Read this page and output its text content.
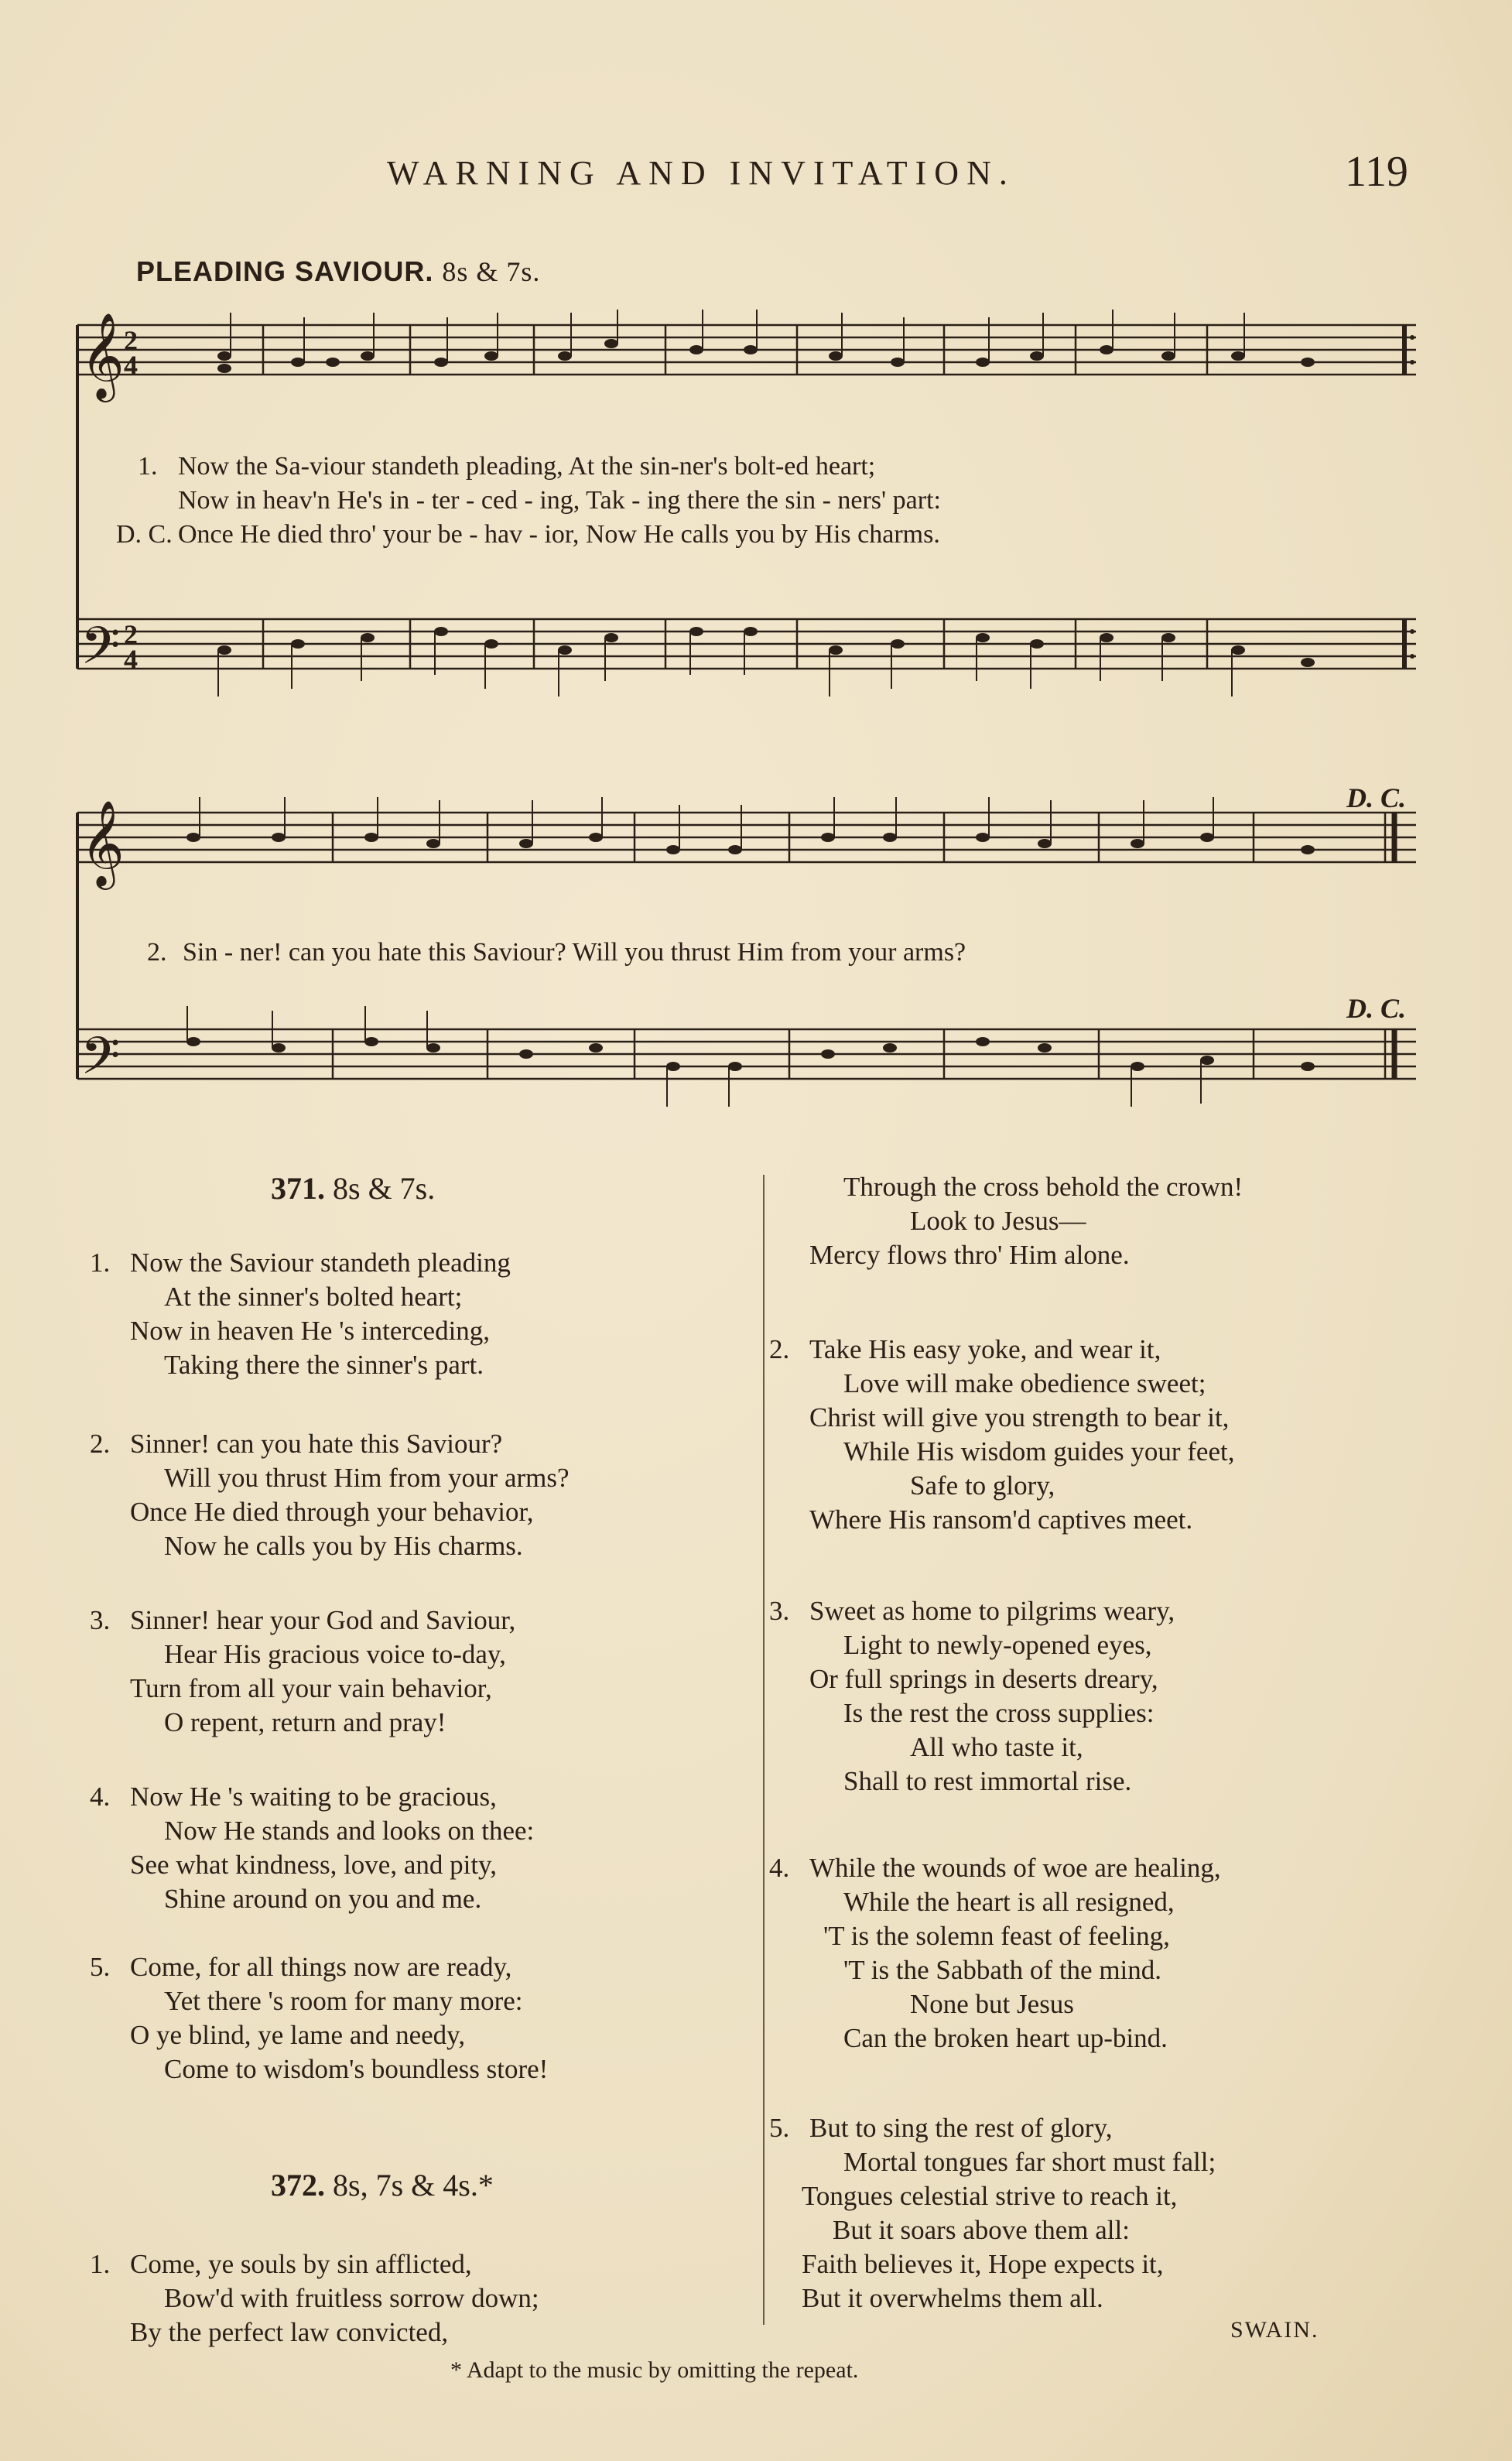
WARNING AND INVITATION.	119
PLEADING SAVIOUR. 8s & 7s.
𝄞
𝄢
2
4
2
4
1. Now the Sa-viour standeth pleading, At the sin-ner's bolt-ed heart;
Now in heav'n He's in - ter - ced - ing, Tak - ing there the sin - ners' part:
D. C. Once He died thro' your be - hav - ior, Now He calls you by His charms.
𝄞
𝄢
D. C.
D. C.
2. Sin - ner! can you hate this Saviour? Will you thrust Him from your arms?
371. 8s & 7s.
1. Now the Saviour standeth pleading
At the sinner's bolted heart;
Now in heaven He 's interceding,
Taking there the sinner's part.
2. Sinner! can you hate this Saviour?
Will you thrust Him from your arms?
Once He died through your behavior,
Now he calls you by His charms.
3. Sinner! hear your God and Saviour,
Hear His gracious voice to-day,
Turn from all your vain behavior,
O repent, return and pray!
4. Now He 's waiting to be gracious,
Now He stands and looks on thee:
See what kindness, love, and pity,
Shine around on you and me.
5. Come, for all things now are ready,
Yet there 's room for many more:
O ye blind, ye lame and needy,
Come to wisdom's boundless store!
372. 8s, 7s & 4s.*
1. Come, ye souls by sin afflicted,
Bow'd with fruitless sorrow down;
By the perfect law convicted,
Through the cross behold the crown!
Look to Jesus—
Mercy flows thro' Him alone.
2. Take His easy yoke, and wear it,
Love will make obedience sweet;
Christ will give you strength to bear it,
While His wisdom guides your feet,
Safe to glory,
Where His ransom'd captives meet.
3. Sweet as home to pilgrims weary,
Light to newly-opened eyes,
Or full springs in deserts dreary,
Is the rest the cross supplies:
All who taste it,
Shall to rest immortal rise.
4. While the wounds of woe are healing,
While the heart is all resigned,
'T is the solemn feast of feeling,
'T is the Sabbath of the mind.
None but Jesus
Can the broken heart up-bind.
5. But to sing the rest of glory,
Mortal tongues far short must fall;
Tongues celestial strive to reach it,
But it soars above them all:
Faith believes it, Hope expects it,
But it overwhelms them all.
SWAIN.
* Adapt to the music by omitting the repeat.
